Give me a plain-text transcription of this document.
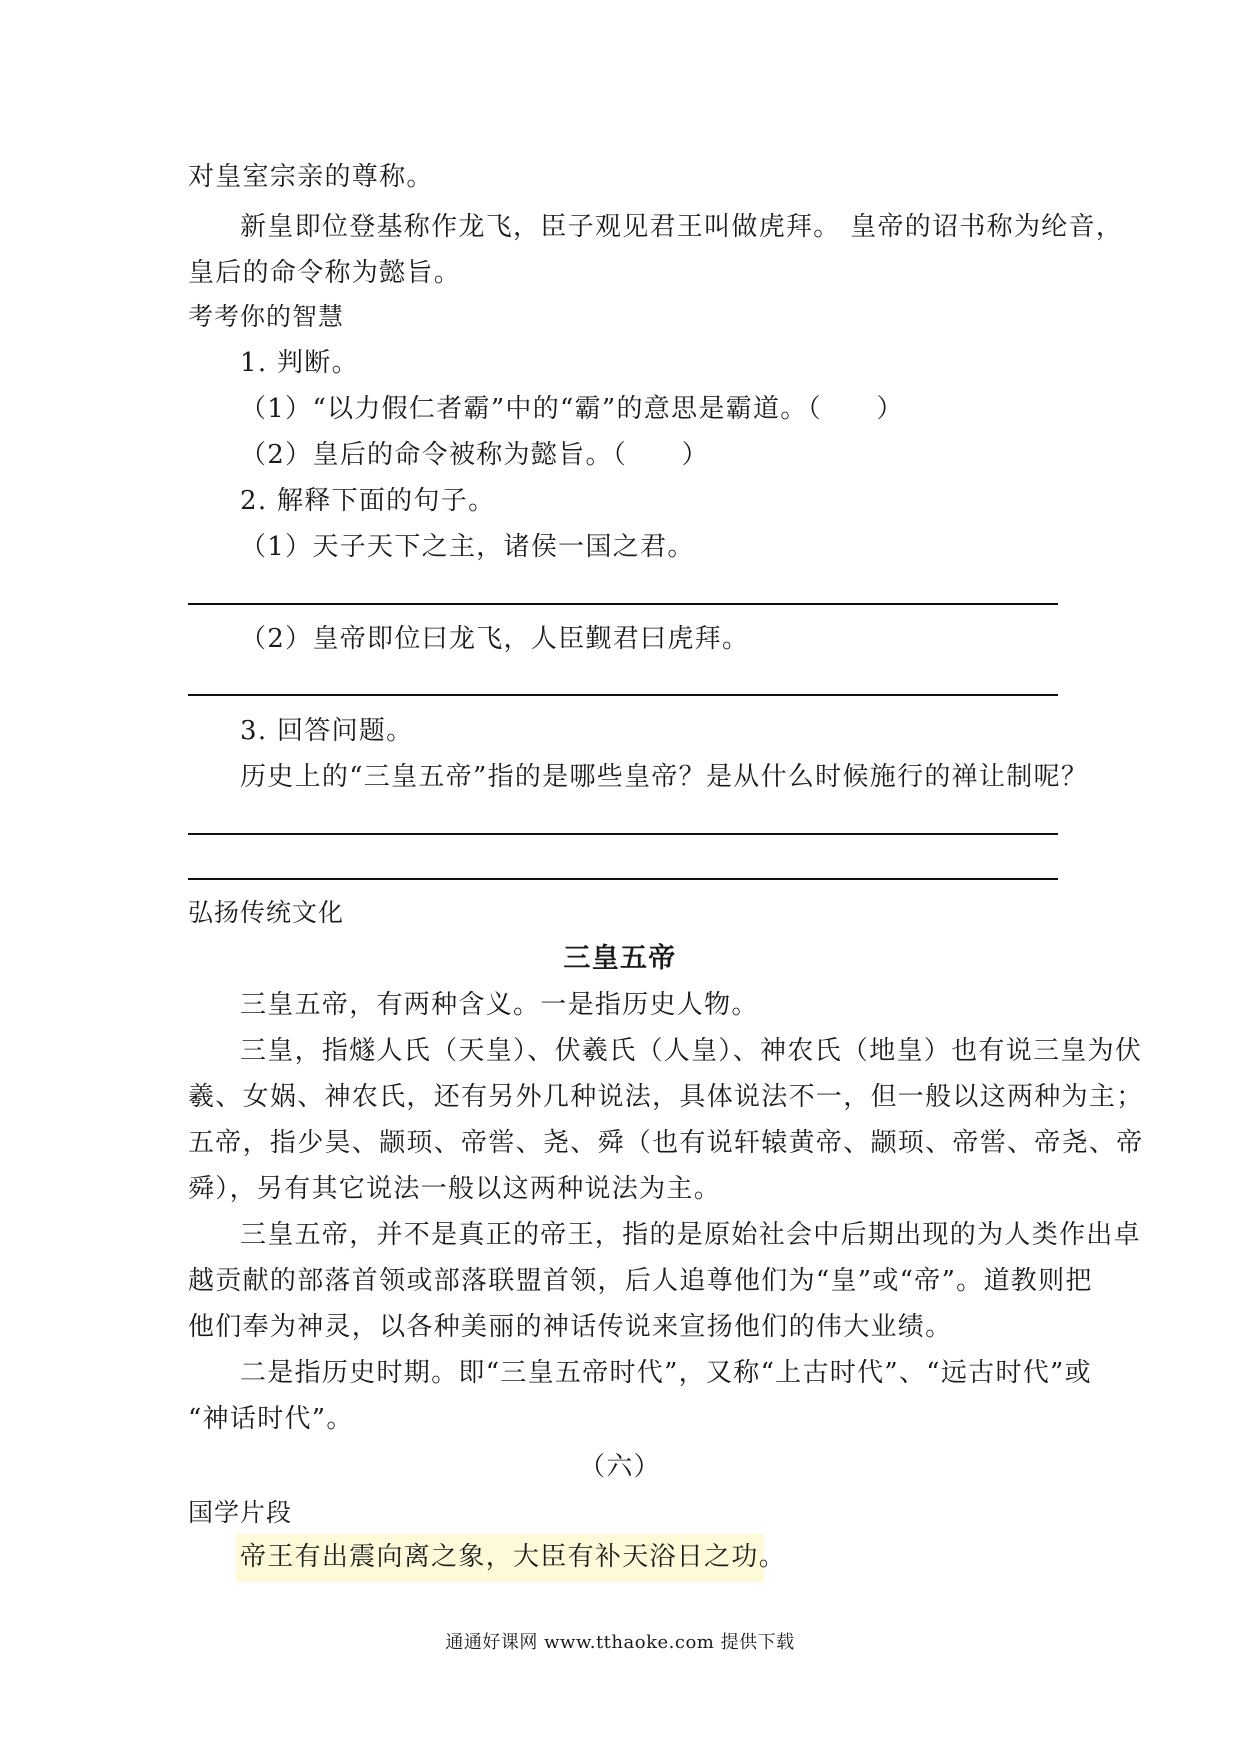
对皇室宗亲的尊称。
新皇即位登基称作龙飞，臣子观见君王叫做虎拜。 皇帝的诏书称为纶音，
皇后的命令称为懿旨。
考考你的智慧
1. 判断。
（1）“以力假仁者霸”中的“霸”的意思是霸道。（　　）
（2）皇后的命令被称为懿旨。（　　）
2. 解释下面的句子。
（1）天子天下之主，诸侯一国之君。
（2）皇帝即位曰龙飞，人臣觐君曰虎拜。
3. 回答问题。
历史上的“三皇五帝”指的是哪些皇帝？是从什么时候施行的禅让制呢？
弘扬传统文化
三皇五帝
三皇五帝，有两种含义。一是指历史人物。
三皇，指燧人氏（天皇）、伏羲氏（人皇）、神农氏（地皇）也有说三皇为伏
羲、女娲、神农氏，还有另外几种说法，具体说法不一，但一般以这两种为主；
五帝，指少昊、颛顼、帝喾、尧、舜（也有说轩辕黄帝、颛顼、帝喾、帝尧、帝
舜），另有其它说法一般以这两种说法为主。
三皇五帝，并不是真正的帝王，指的是原始社会中后期出现的为人类作出卓
越贡献的部落首领或部落联盟首领，后人追尊他们为“皇”或“帝”。道教则把
他们奉为神灵，以各种美丽的神话传说来宣扬他们的伟大业绩。
二是指历史时期。即“三皇五帝时代”，又称“上古时代”、“远古时代”或
“神话时代”。
（六）
国学片段
帝王有出震向离之象，大臣有补天浴日之功。
通通好课网 www.tthaoke.com 提供下载
